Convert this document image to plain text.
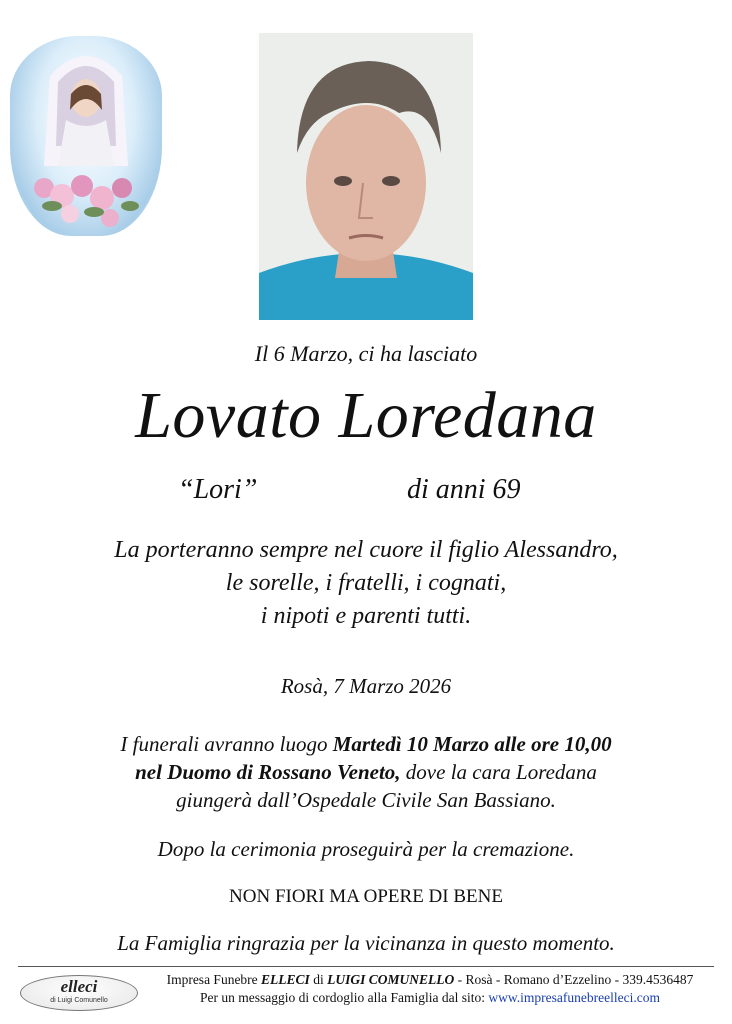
Il 6 Marzo, ci ha lasciato
Lovato Loredana
“Lori”	di anni 69
La porteranno sempre nel cuore il figlio Alessandro,
le sorelle, i fratelli, i cognati,
i nipoti e parenti tutti.
Rosà, 7 Marzo 2026
I funerali avranno luogo Martedì 10 Marzo alle ore 10,00
nel Duomo di Rossano Veneto, dove la cara Loredana
giungerà dall’Ospedale Civile San Bassiano.
Dopo la cerimonia proseguirà per la cremazione.
NON FIORI MA OPERE DI BENE
La Famiglia ringrazia per la vicinanza in questo momento.
elleci
di Luigi Comunello
Impresa Funebre ELLECI di LUIGI COMUNELLO - Rosà - Romano d’Ezzelino - 339.4536487
Per un messaggio di cordoglio alla Famiglia dal sito: www.impresafunebreelleci.com
